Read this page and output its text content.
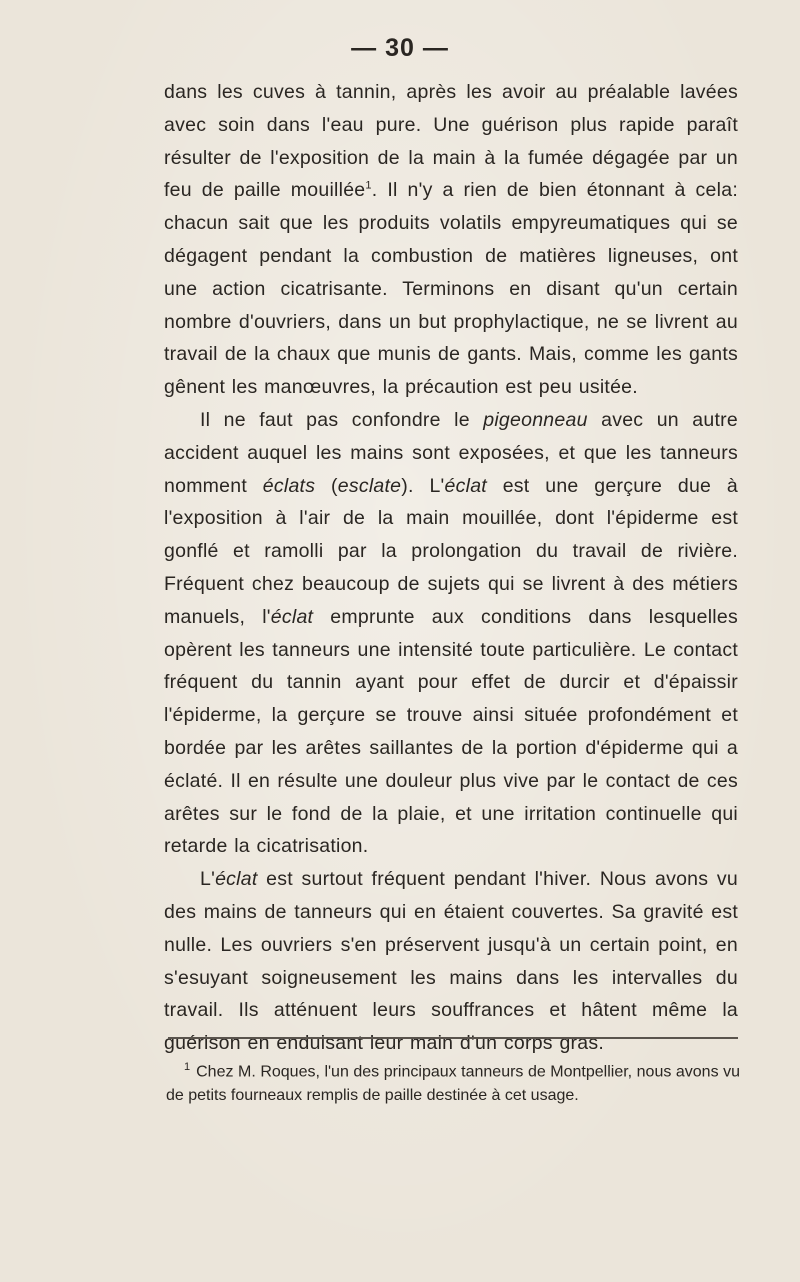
— 30 —

dans les cuves à tannin, après les avoir au préalable lavées avec soin dans l'eau pure. Une guérison plus rapide paraît résulter de l'exposition de la main à la fumée dégagée par un feu de paille mouillée$^1$. Il n'y a rien de bien étonnant à cela: chacun sait que les produits volatils empyreumatiques qui se dégagent pendant la combustion de matières ligneuses, ont une action cicatrisante. Terminons en disant qu'un certain nombre d'ouvriers, dans un but prophylactique, ne se livrent au travail de la chaux que munis de gants. Mais, comme les gants gênent les manœuvres, la précaution est peu usitée.

Il ne faut pas confondre le pigeonneau avec un autre accident auquel les mains sont exposées, et que les tanneurs nomment éclats (esclate). L'éclat est une gerçure due à l'exposition à l'air de la main mouillée, dont l'épiderme est gonflé et ramolli par la prolongation du travail de rivière. Fréquent chez beaucoup de sujets qui se livrent à des métiers manuels, l'éclat emprunte aux conditions dans lesquelles opèrent les tanneurs une intensité toute particulière. Le contact fréquent du tannin ayant pour effet de durcir et d'épaissir l'épiderme, la gerçure se trouve ainsi située profondément et bordée par les arêtes saillantes de la portion d'épiderme qui a éclaté. Il en résulte une douleur plus vive par le contact de ces arêtes sur le fond de la plaie, et une irritation continuelle qui retarde la cicatrisation.

L'éclat est surtout fréquent pendant l'hiver. Nous avons vu des mains de tanneurs qui en étaient couvertes. Sa gravité est nulle. Les ouvriers s'en préservent jusqu'à un certain point, en s'esuyant soigneusement les mains dans les intervalles du travail. Ils atténuent leurs souffrances et hâtent même la guérison en enduisant leur main d'un corps gras.

$^1$ Chez M. Roques, l'un des principaux tanneurs de Montpellier, nous avons vu de petits fourneaux remplis de paille destinée à cet usage.
